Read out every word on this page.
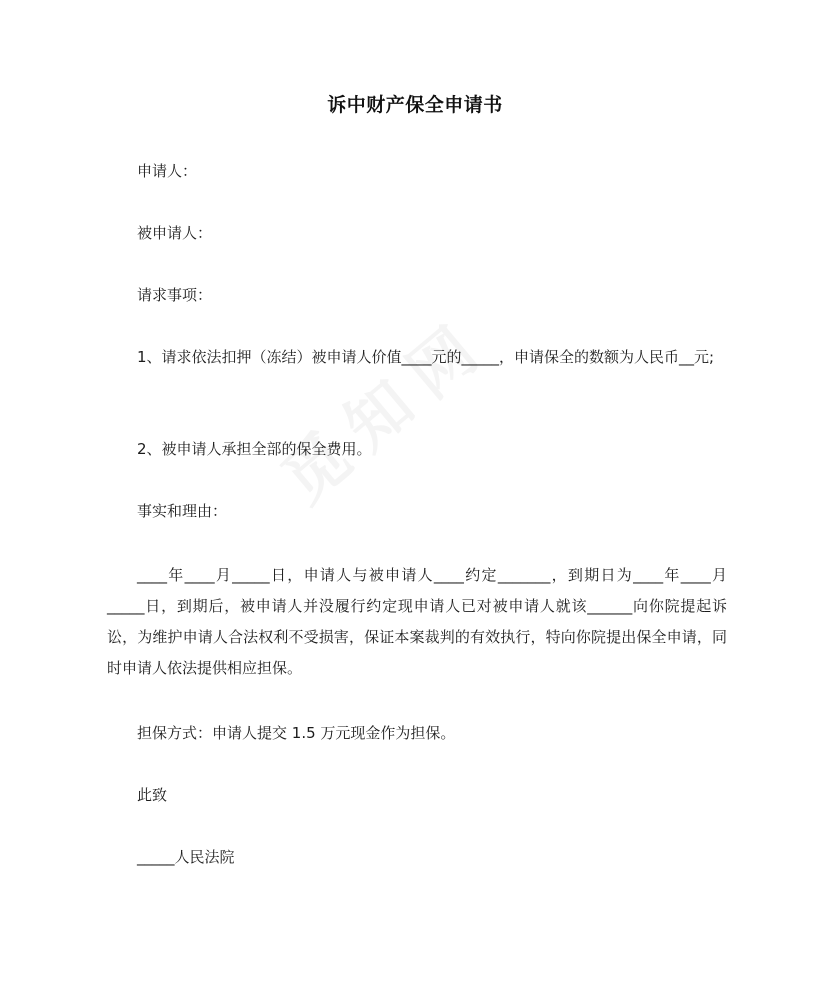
诉中财产保全申请书
申请人：
被申请人：
请求事项：
1、请求依法扣押（冻结）被申请人价值____元的_____，申请保全的数额为人民币__元;
2、被申请人承担全部的保全费用。
事实和理由：
____年____月_____日，申请人与被申请人____约定_______，到期日为____年____月_____日，到期后，被申请人并没履行约定现申请人已对被申请人就该______向你院提起诉讼，为维护申请人合法权利不受损害，保证本案裁判的有效执行，特向你院提出保全申请，同时申请人依法提供相应担保。
担保方式：申请人提交 1.5 万元现金作为担保。
此致
_____人民法院
